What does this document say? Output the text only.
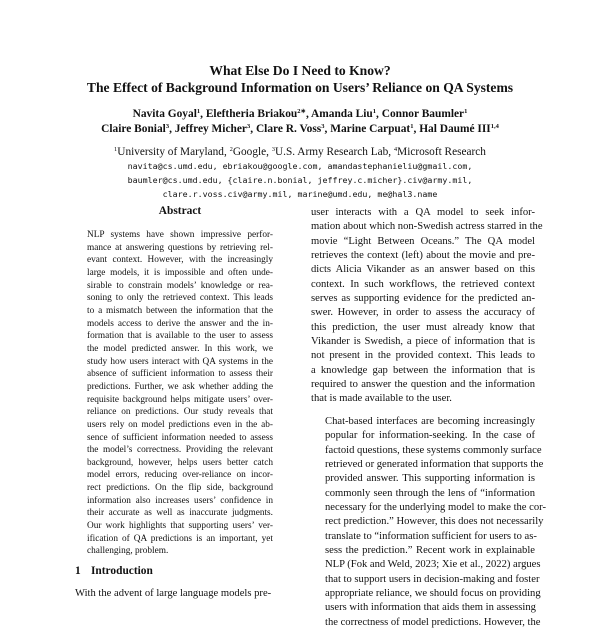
What Else Do I Need to Know?
The Effect of Background Information on Users’ Reliance on QA Systems
Navita Goyal$^1$, Eleftheria Briakou$^{2∗}$, Amanda Liu$^1$, Connor Baumler$^1$
Claire Bonial$^3$, Jeffrey Micher$^3$, Clare R. Voss$^3$, Marine Carpuat$^1$, Hal Daumé III$^{1,4}$
$^1$University of Maryland, $^2$Google, $^3$U.S. Army Research Lab, $^4$Microsoft Research
navita@cs.umd.edu, ebriakou@google.com, amandastephanieliu@gmail.com,
baumler@cs.umd.edu, {claire.n.bonial, jeffrey.c.micher}.civ@army.mil,
clare.r.voss.civ@army.mil, marine@umd.edu, me@hal3.name
Abstract
NLP systems have shown impressive perfor-
mance at answering questions by retrieving rel-
evant context. However, with the increasingly
large models, it is impossible and often unde-
sirable to constrain models’ knowledge or rea-
soning to only the retrieved context. This leads
to a mismatch between the information that the
models access to derive the answer and the in-
formation that is available to the user to assess
the model predicted answer. In this work, we
study how users interact with QA systems in the
absence of sufficient information to assess their
predictions. Further, we ask whether adding the
requisite background helps mitigate users’ over-
reliance on predictions. Our study reveals that
users rely on model predictions even in the ab-
sence of sufficient information needed to assess
the model’s correctness. Providing the relevant
background, however, helps users better catch
model errors, reducing over-reliance on incor-
rect predictions. On the flip side, background
information also increases users’ confidence in
their accurate as well as inaccurate judgments.
Our work highlights that supporting users’ ver-
ification of QA predictions is an important, yet
challenging, problem.
1 Introduction
With the advent of large language models pre-

user interacts with a QA model to seek infor-
mation about which non-Swedish actress starred in the
movie “Light Between Oceans.” The QA model
retrieves the context (left) about the movie and pre-
dicts Alicia Vikander as an answer based on this
context. In such workflows, the retrieved context
serves as supporting evidence for the predicted an-
swer. However, in order to assess the accuracy of
this prediction, the user must already know that
Vikander is Swedish, a piece of information that is
not present in the provided context. This leads to
a knowledge gap between the information that is
required to answer the question and the information
that is made available to the user.

Chat-based interfaces are becoming increasingly
popular for information-seeking. In the case of
factoid questions, these systems commonly surface
retrieved or generated information that supports the
provided answer. This supporting information is
commonly seen through the lens of “information
necessary for the underlying model to make the cor-
rect prediction.” However, this does not necessarily
translate to “information sufficient for users to as-
sess the prediction.” Recent work in explainable
NLP (Fok and Weld, 2023; Xie et al., 2022) argues
that to support users in decision-making and foster
appropriate reliance, we should focus on providing
users with information that aids them in assessing
the correctness of model predictions. However, the
